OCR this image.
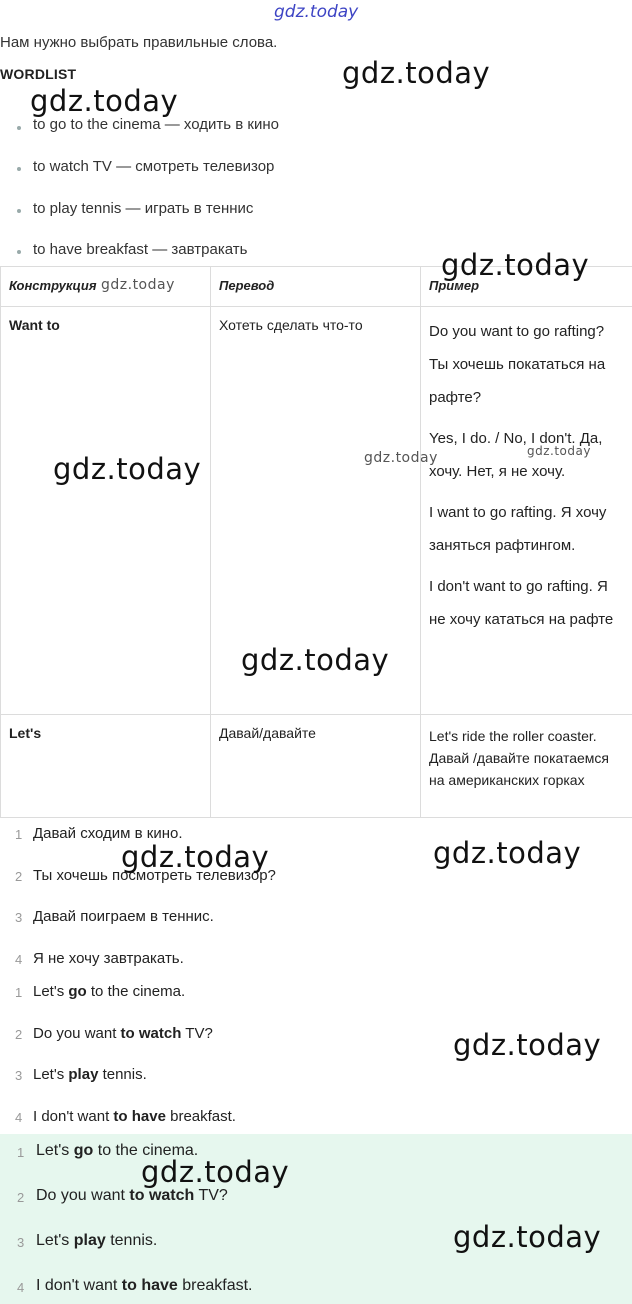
gdz.today
Нам нужно выбрать правильные слова.
WORDLIST
to go to the cinema — ходить в кино
to watch TV — смотреть телевизор
to play tennis — играть в теннис
to have breakfast — завтракать
Конструкция	Перевод	Пример
Want to	Хотеть сделать что-то	Do you want to go rafting? Ты хочешь покататься на рафте?

Yes, I do. / No, I don't. Да, хочу. Нет, я не хочу.

I want to go rafting. Я хочу заняться рафтингом.

I don't want to go rafting. Я не хочу кататься на рафте

Let's	Давай/давайте	Let's ride the roller coaster. Давай /давайте покатаемся на американских горках

1 Давай сходим в кино.
2 Ты хочешь посмотреть телевизор?
3 Давай поиграем в теннис.
4 Я не хочу завтракать.
1 Let's go to the cinema.
2 Do you want to watch TV?
3 Let's play tennis.
4 I don't want to have breakfast.
1 Let's go to the cinema.
2 Do you want to watch TV?
3 Let's play tennis.
4 I don't want to have breakfast.
gdz.today
gdz.today
gdz.today
gdz.today
gdz.today	gdz.today	gdz.today
gdz.today
gdz.today	gdz.today
gdz.today
gdz.today
gdz.today
